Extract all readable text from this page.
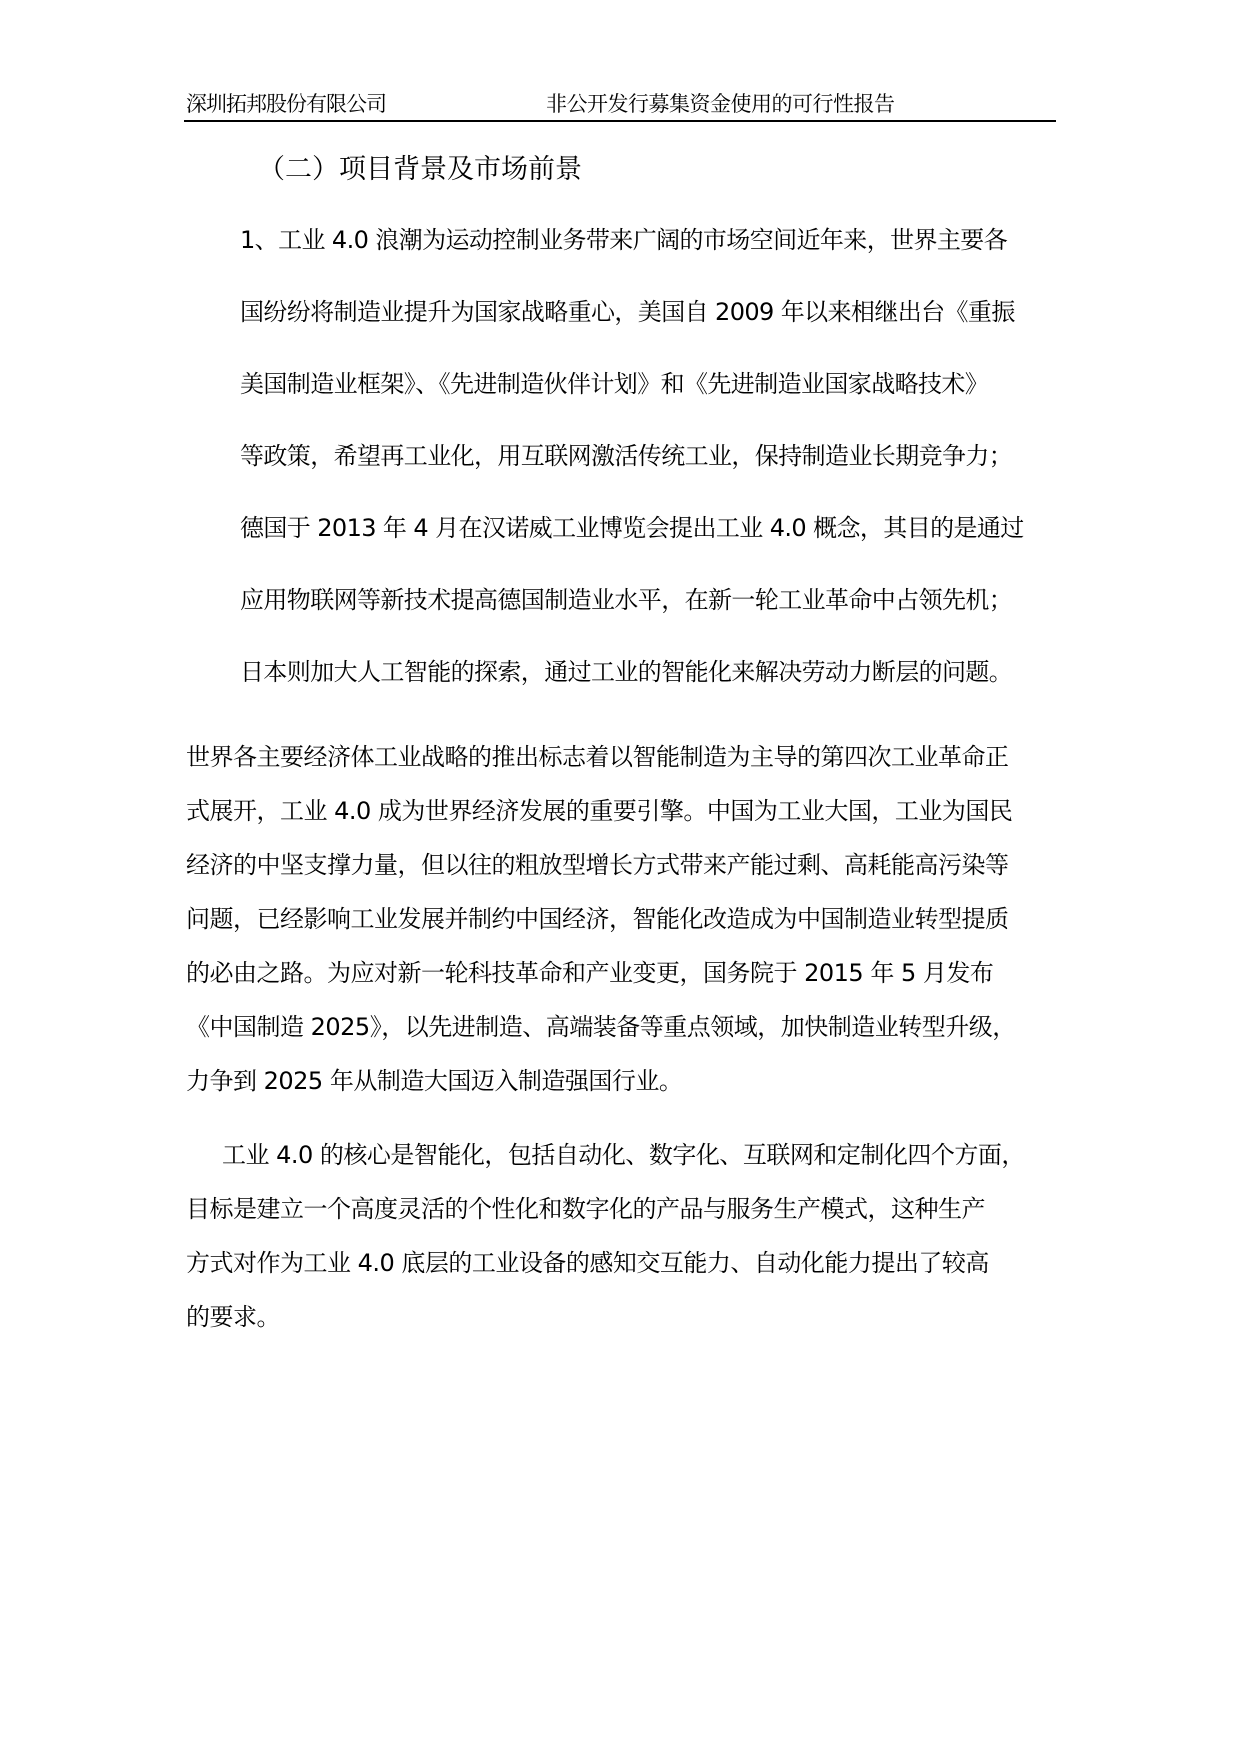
深圳拓邦股份有限公司	非公开发行募集资金使用的可行性报告
（二）项目背景及市场前景
1、工业 4.0 浪潮为运动控制业务带来广阔的市场空间近年来，世界主要各
国纷纷将制造业提升为国家战略重心，美国自 2009 年以来相继出台《重振
美国制造业框架》、《先进制造伙伴计划》和《先进制造业国家战略技术》
等政策，希望再工业化，用互联网激活传统工业，保持制造业长期竞争力；
德国于 2013 年 4 月在汉诺威工业博览会提出工业 4.0 概念，其目的是通过
应用物联网等新技术提高德国制造业水平，在新一轮工业革命中占领先机；
日本则加大人工智能的探索，通过工业的智能化来解决劳动力断层的问题。
世界各主要经济体工业战略的推出标志着以智能制造为主导的第四次工业革命正
式展开，工业 4.0 成为世界经济发展的重要引擎。中国为工业大国，工业为国民
经济的中坚支撑力量，但以往的粗放型增长方式带来产能过剩、高耗能高污染等
问题，已经影响工业发展并制约中国经济，智能化改造成为中国制造业转型提质
的必由之路。为应对新一轮科技革命和产业变更，国务院于 2015 年 5 月发布
《中国制造 2025》，以先进制造、高端装备等重点领域，加快制造业转型升级，
力争到 2025 年从制造大国迈入制造强国行业。
工业 4.0 的核心是智能化，包括自动化、数字化、互联网和定制化四个方面，
目标是建立一个高度灵活的个性化和数字化的产品与服务生产模式，这种生产
方式对作为工业 4.0 底层的工业设备的感知交互能力、自动化能力提出了较高
的要求。
